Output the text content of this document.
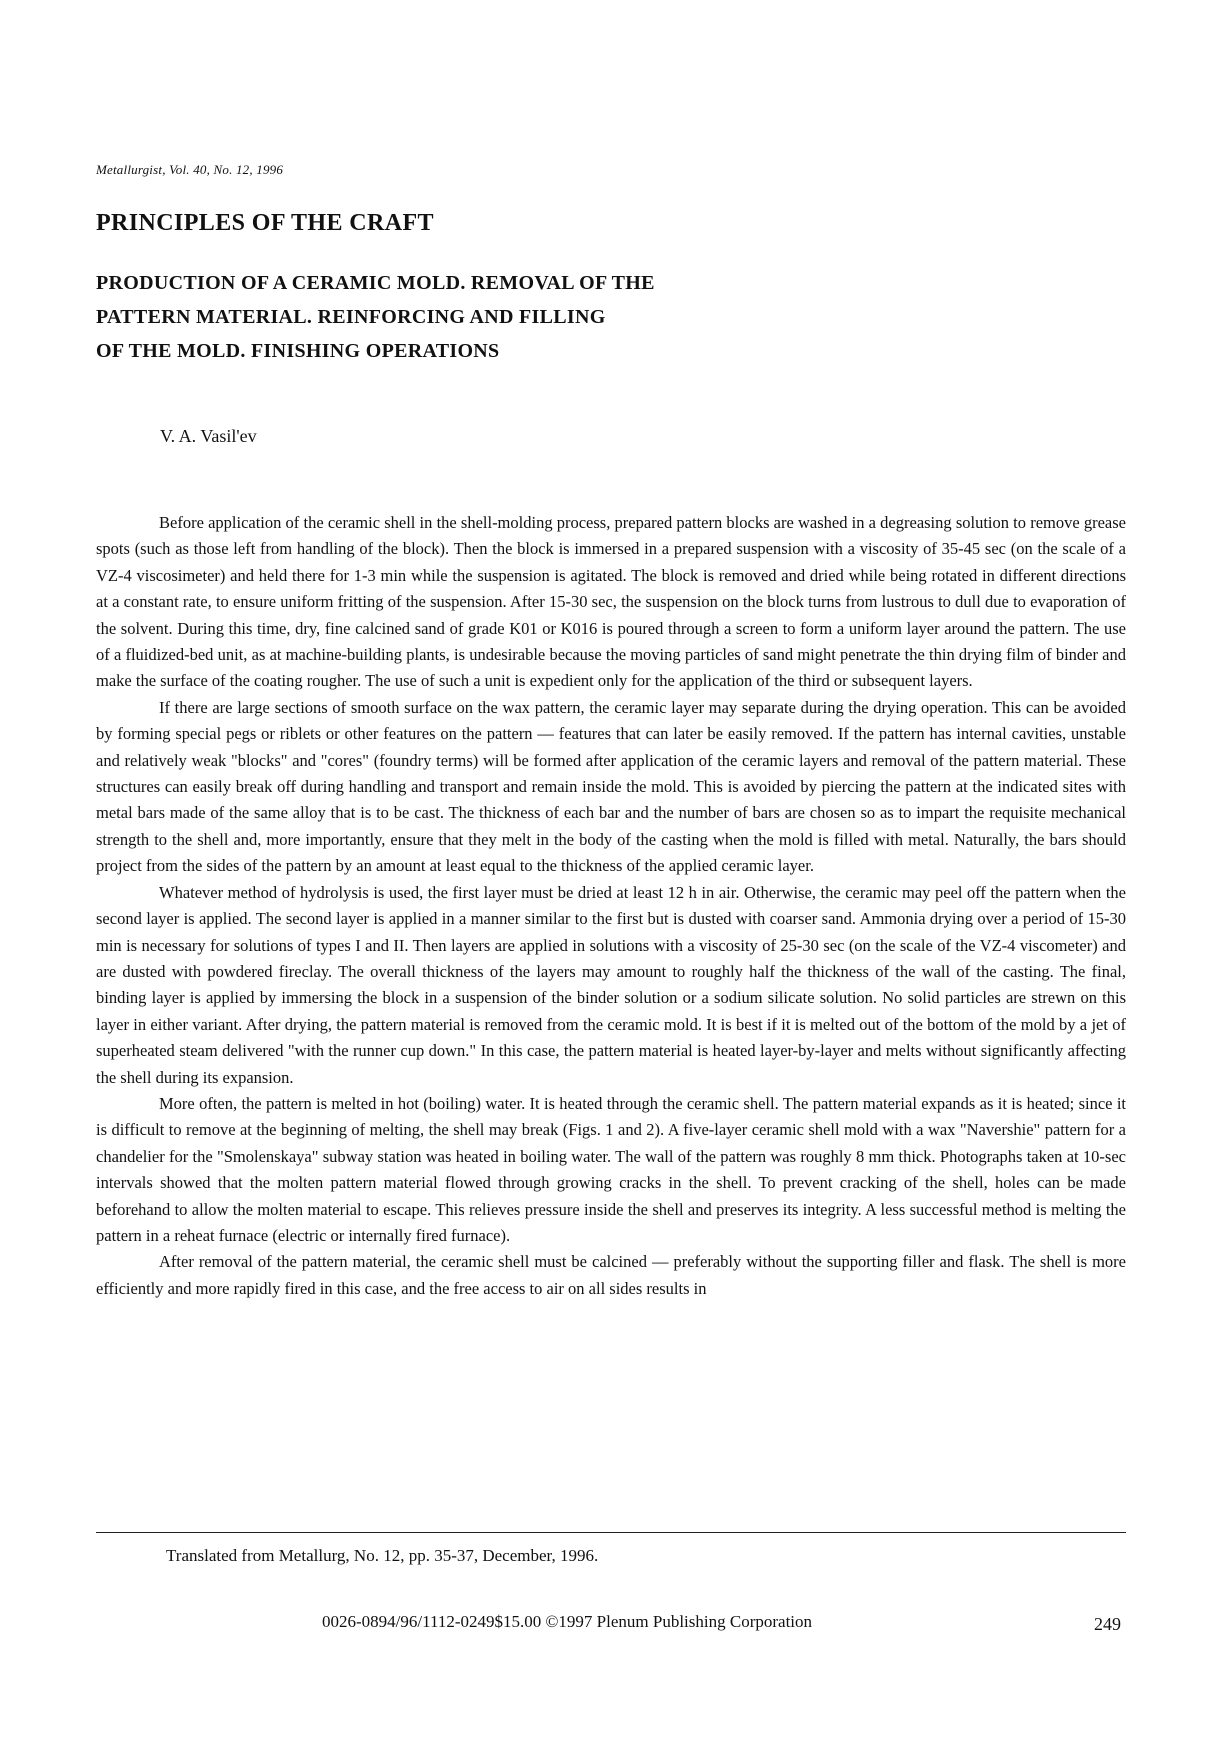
Metallurgist, Vol. 40, No. 12, 1996
PRINCIPLES OF THE CRAFT
PRODUCTION OF A CERAMIC MOLD. REMOVAL OF THE
PATTERN MATERIAL. REINFORCING AND FILLING
OF THE MOLD. FINISHING OPERATIONS
V. A. Vasil'ev

Before application of the ceramic shell in the shell-molding process, prepared pattern blocks are washed in a degreasing solution to remove grease spots (such as those left from handling of the block). Then the block is immersed in a prepared suspension with a viscosity of 35-45 sec (on the scale of a VZ-4 viscosimeter) and held there for 1-3 min while the suspension is agitated. The block is removed and dried while being rotated in different directions at a constant rate, to ensure uniform fritting of the suspension. After 15-30 sec, the suspension on the block turns from lustrous to dull due to evaporation of the solvent. During this time, dry, fine calcined sand of grade K01 or K016 is poured through a screen to form a uniform layer around the pattern. The use of a fluidized-bed unit, as at machine-building plants, is undesirable because the moving particles of sand might penetrate the thin drying film of binder and make the surface of the coating rougher. The use of such a unit is expedient only for the application of the third or subsequent layers.

If there are large sections of smooth surface on the wax pattern, the ceramic layer may separate during the drying operation. This can be avoided by forming special pegs or riblets or other features on the pattern — features that can later be easily removed. If the pattern has internal cavities, unstable and relatively weak "blocks" and "cores" (foundry terms) will be formed after application of the ceramic layers and removal of the pattern material. These structures can easily break off during handling and transport and remain inside the mold. This is avoided by piercing the pattern at the indicated sites with metal bars made of the same alloy that is to be cast. The thickness of each bar and the number of bars are chosen so as to impart the requisite mechanical strength to the shell and, more importantly, ensure that they melt in the body of the casting when the mold is filled with metal. Naturally, the bars should project from the sides of the pattern by an amount at least equal to the thickness of the applied ceramic layer.

Whatever method of hydrolysis is used, the first layer must be dried at least 12 h in air. Otherwise, the ceramic may peel off the pattern when the second layer is applied. The second layer is applied in a manner similar to the first but is dusted with coarser sand. Ammonia drying over a period of 15-30 min is necessary for solutions of types I and II. Then layers are applied in solutions with a viscosity of 25-30 sec (on the scale of the VZ-4 viscometer) and are dusted with powdered fireclay. The overall thickness of the layers may amount to roughly half the thickness of the wall of the casting. The final, binding layer is applied by immersing the block in a suspension of the binder solution or a sodium silicate solution. No solid particles are strewn on this layer in either variant. After drying, the pattern material is removed from the ceramic mold. It is best if it is melted out of the bottom of the mold by a jet of superheated steam delivered "with the runner cup down." In this case, the pattern material is heated layer-by-layer and melts without significantly affecting the shell during its expansion.

More often, the pattern is melted in hot (boiling) water. It is heated through the ceramic shell. The pattern material expands as it is heated; since it is difficult to remove at the beginning of melting, the shell may break (Figs. 1 and 2). A five-layer ceramic shell mold with a wax "Navershie" pattern for a chandelier for the "Smolenskaya" subway station was heated in boiling water. The wall of the pattern was roughly 8 mm thick. Photographs taken at 10-sec intervals showed that the molten pattern material flowed through growing cracks in the shell. To prevent cracking of the shell, holes can be made beforehand to allow the molten material to escape. This relieves pressure inside the shell and preserves its integrity. A less successful method is melting the pattern in a reheat furnace (electric or internally fired furnace).

After removal of the pattern material, the ceramic shell must be calcined — preferably without the supporting filler and flask. The shell is more efficiently and more rapidly fired in this case, and the free access to air on all sides results in

Translated from Metallurg, No. 12, pp. 35-37, December, 1996.
0026-0894/96/1112-0249$15.00 ©1997 Plenum Publishing Corporation	249
